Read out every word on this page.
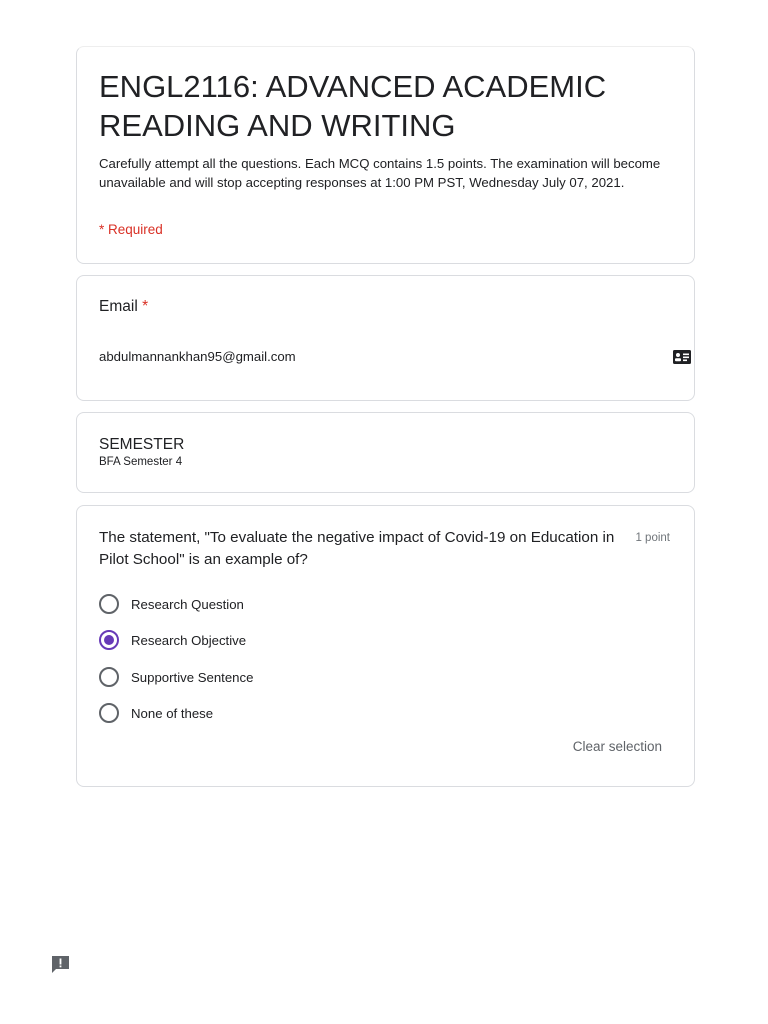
ENGL2116: ADVANCED ACADEMIC READING AND WRITING

Carefully attempt all the questions. Each MCQ contains 1.5 points. The examination will become unavailable and will stop accepting responses at 1:00 PM PST, Wednesday July 07, 2021.

* Required
Email *
abdulmannankhan95@gmail.com
SEMESTER
BFA Semester 4

The statement, "To evaluate the negative impact of Covid-19 on Education in Pilot School" is an example of?

1 point
Research Question
Research Objective
Supportive Sentence
None of these
Clear selection
